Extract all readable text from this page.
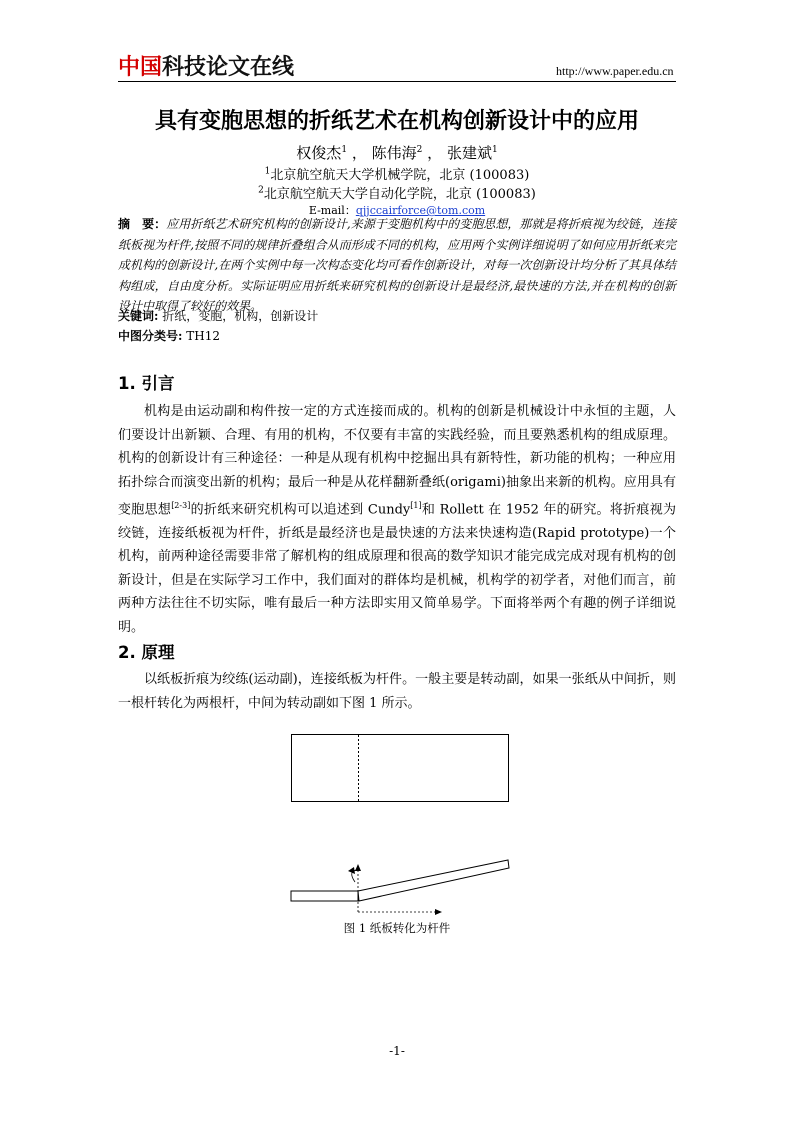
中国科技论文在线	http://www.paper.edu.cn
具有变胞思想的折纸艺术在机构创新设计中的应用
权俊杰$^1$ ， 陈伟海$^2$ ， 张建斌$^1$
$^1$北京航空航天大学机械学院，北京 (100083)
$^2$北京航空航天大学自动化学院，北京 (100083)
E-mail：qjjccairforce@tom.com
摘　要：应用折纸艺术研究机构的创新设计,来源于变胞机构中的变胞思想，那就是将折痕视为绞链，连接纸板视为杆件,按照不同的规律折叠组合从而形成不同的机构，应用两个实例详细说明了如何应用折纸来完成机构的创新设计,在两个实例中每一次构态变化均可看作创新设计，对每一次创新设计均分析了其具体结构组成，自由度分析。实际证明应用折纸来研究机构的创新设计是最经济,最快速的方法,并在机构的创新设计中取得了较好的效果。
关键词: 折纸，变胞，机构，创新设计
中图分类号: TH12
1. 引言
机构是由运动副和构件按一定的方式连接而成的。机构的创新是机械设计中永恒的主题，人们要设计出新颖、合理、有用的机构，不仅要有丰富的实践经验，而且要熟悉机构的组成原理。机构的创新设计有三种途径：一种是从现有机构中挖掘出具有新特性，新功能的机构；一种应用拓扑综合而演变出新的机构；最后一种是从花样翻新叠纸(origami)抽象出来新的机构。应用具有变胞思想[2-3]的折纸来研究机构可以追述到 Cundy[1]和 Rollett 在 1952 年的研究。将折痕视为绞链，连接纸板视为杆件，折纸是最经济也是最快速的方法来快速构造(Rapid prototype)一个机构，前两种途径需要非常了解机构的组成原理和很高的数学知识才能完成完成对现有机构的创新设计，但是在实际学习工作中，我们面对的群体均是机械，机构学的初学者，对他们而言，前两种方法往往不切实际，唯有最后一种方法即实用又简单易学。下面将举两个有趣的例子详细说明。
2. 原理
以纸板折痕为绞练(运动副)，连接纸板为杆件。一般主要是转动副，如果一张纸从中间折，则一根杆转化为两根杆，中间为转动副如下图 1 所示。
图 1 纸板转化为杆件
-1-
